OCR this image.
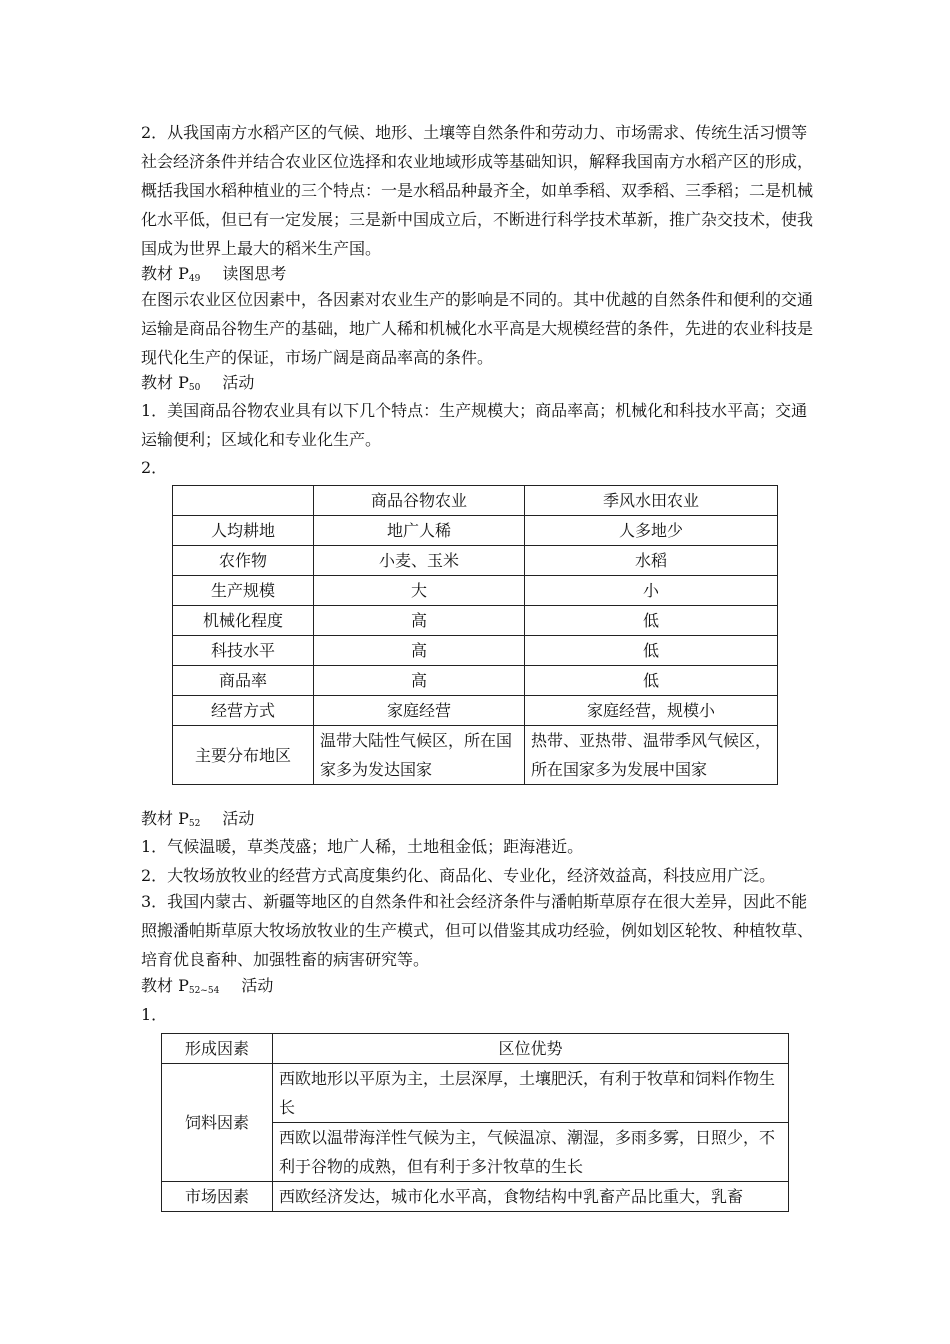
2．从我国南方水稻产区的气候、地形、土壤等自然条件和劳动力、市场需求、传统生活习惯等社会经济条件并结合农业区位选择和农业地域形成等基础知识，解释我国南方水稻产区的形成，概括我国水稻种植业的三个特点：一是水稻品种最齐全，如单季稻、双季稻、三季稻；二是机械化水平低，但已有一定发展；三是新中国成立后，不断进行科学技术革新，推广杂交技术，使我国成为世界上最大的稻米生产国。

教材 $P_{49}$ 读图思考

在图示农业区位因素中，各因素对农业生产的影响是不同的。其中优越的自然条件和便利的交通运输是商品谷物生产的基础，地广人稀和机械化水平高是大规模经营的条件，先进的农业科技是现代化生产的保证，市场广阔是商品率高的条件。

教材 $P_{50}$ 活动

1．美国商品谷物农业具有以下几个特点：生产规模大；商品率高；机械化和科技水平高；交通运输便利；区域化和专业化生产。

2．
	商品谷物农业	季风水田农业
人均耕地	地广人稀	人多地少
农作物	小麦、玉米	水稻
生产规模	大	小
机械化程度	高	低
科技水平	高	低
商品率	高	低
经营方式	家庭经营	家庭经营，规模小
主要分布地区	温带大陆性气候区，所在国家多为发达国家	热带、亚热带、温带季风气候区，所在国家多为发展中国家
教材 $P_{52}$ 活动
1．气候温暖，草类茂盛；地广人稀，土地租金低；距海港近。
2．大牧场放牧业的经营方式高度集约化、商品化、专业化，经济效益高，科技应用广泛。

3．我国内蒙古、新疆等地区的自然条件和社会经济条件与潘帕斯草原存在很大差异，因此不能照搬潘帕斯草原大牧场放牧业的生产模式，但可以借鉴其成功经验，例如划区轮牧、种植牧草、培育优良畜种、加强牲畜的病害研究等。

教材 $P_{52\sim 54}$ 活动
1．
形成因素	区位优势
饲料因素	西欧地形以平原为主，土层深厚，土壤肥沃，有利于牧草和饲料作物生长
	西欧以温带海洋性气候为主，气候温凉、潮湿，多雨多雾，日照少，不利于谷物的成熟，但有利于多汁牧草的生长
市场因素	西欧经济发达，城市化水平高，食物结构中乳畜产品比重大，乳畜
